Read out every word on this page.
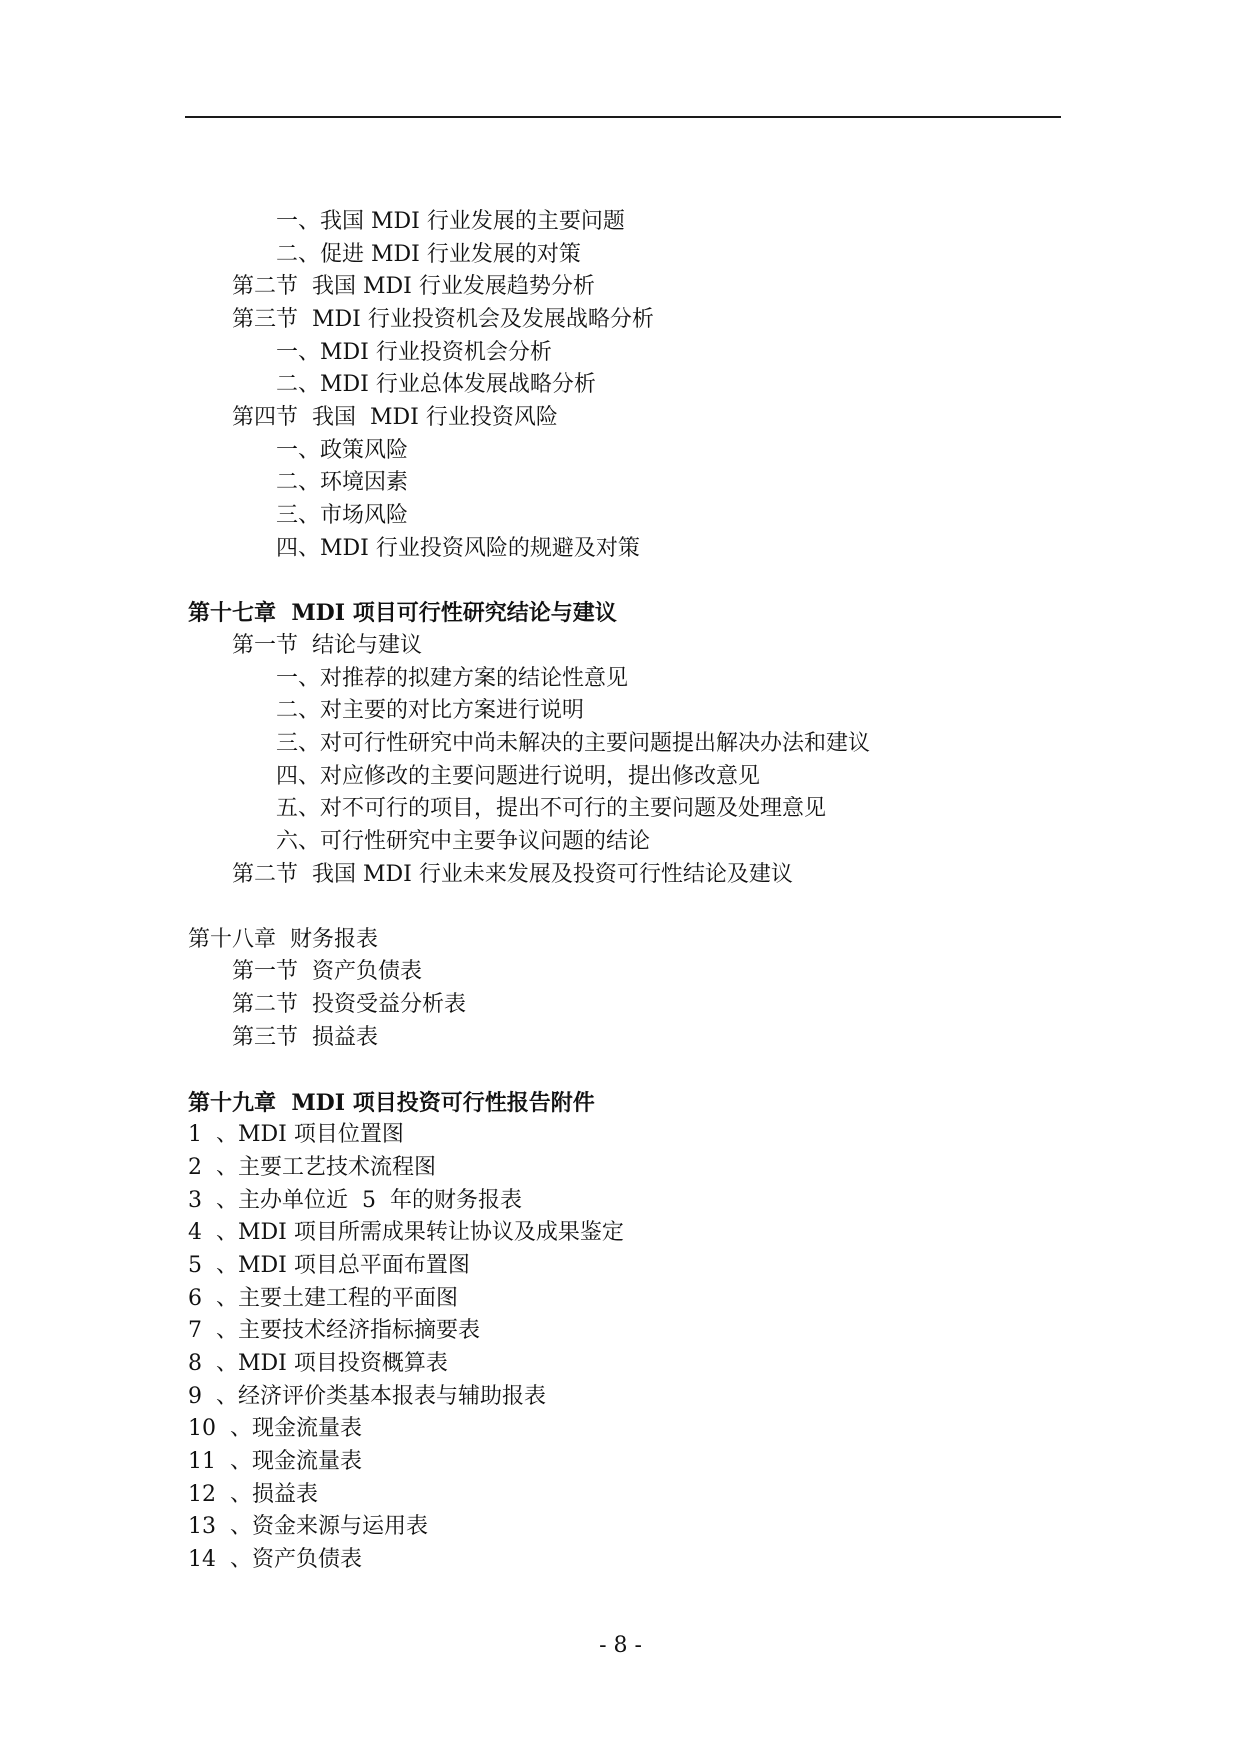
一、我国 MDI 行业发展的主要问题
二、促进 MDI 行业发展的对策
第二节  我国 MDI 行业发展趋势分析
第三节  MDI 行业投资机会及发展战略分析
一、MDI 行业投资机会分析
二、MDI 行业总体发展战略分析
第四节  我国  MDI 行业投资风险
一、政策风险
二、环境因素
三、市场风险
四、MDI 行业投资风险的规避及对策
第十七章  MDI 项目可行性研究结论与建议
第一节  结论与建议
一、对推荐的拟建方案的结论性意见
二、对主要的对比方案进行说明
三、对可行性研究中尚未解决的主要问题提出解决办法和建议
四、对应修改的主要问题进行说明，提出修改意见
五、对不可行的项目，提出不可行的主要问题及处理意见
六、可行性研究中主要争议问题的结论
第二节  我国 MDI 行业未来发展及投资可行性结论及建议
第十八章  财务报表
第一节  资产负债表
第二节  投资受益分析表
第三节  损益表
第十九章  MDI 项目投资可行性报告附件
1  、MDI 项目位置图
2  、主要工艺技术流程图
3  、主办单位近  5  年的财务报表
4  、MDI 项目所需成果转让协议及成果鉴定
5  、MDI 项目总平面布置图
6  、主要土建工程的平面图
7  、主要技术经济指标摘要表
8  、MDI 项目投资概算表
9  、经济评价类基本报表与辅助报表
10  、现金流量表
11  、现金流量表
12  、损益表
13  、资金来源与运用表
14  、资产负债表
- 8 -
